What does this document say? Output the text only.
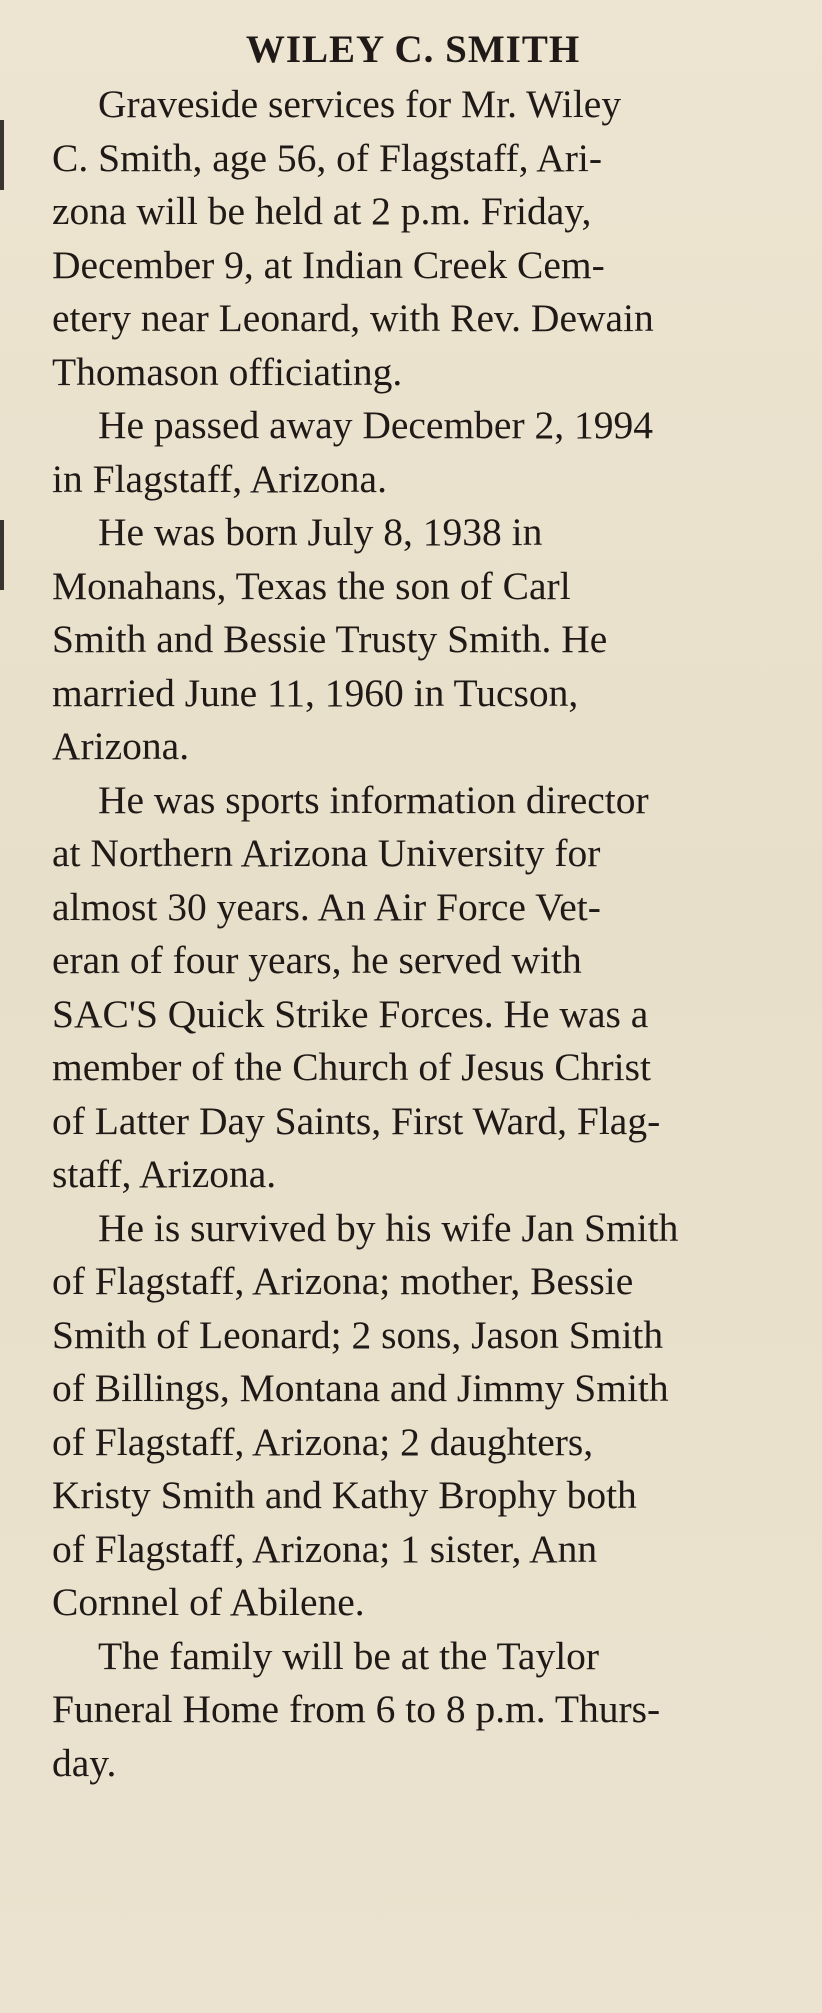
WILEY C. SMITH

Graveside services for Mr. Wiley
C. Smith, age 56, of Flagstaff, Ari-
zona will be held at 2 p.m. Friday,
December 9, at Indian Creek Cem-
etery near Leonard, with Rev. Dewain
Thomason officiating.

He passed away December 2, 1994
in Flagstaff, Arizona.

He was born July 8, 1938 in
Monahans, Texas the son of Carl
Smith and Bessie Trusty Smith. He
married June 11, 1960 in Tucson,
Arizona.

He was sports information director
at Northern Arizona University for
almost 30 years. An Air Force Vet-
eran of four years, he served with
SAC'S Quick Strike Forces. He was a
member of the Church of Jesus Christ
of Latter Day Saints, First Ward, Flag-
staff, Arizona.

He is survived by his wife Jan Smith
of Flagstaff, Arizona; mother, Bessie
Smith of Leonard; 2 sons, Jason Smith
of Billings, Montana and Jimmy Smith
of Flagstaff, Arizona; 2 daughters,
Kristy Smith and Kathy Brophy both
of Flagstaff, Arizona; 1 sister, Ann
Cornnel of Abilene.

The family will be at the Taylor
Funeral Home from 6 to 8 p.m. Thurs-
day.
